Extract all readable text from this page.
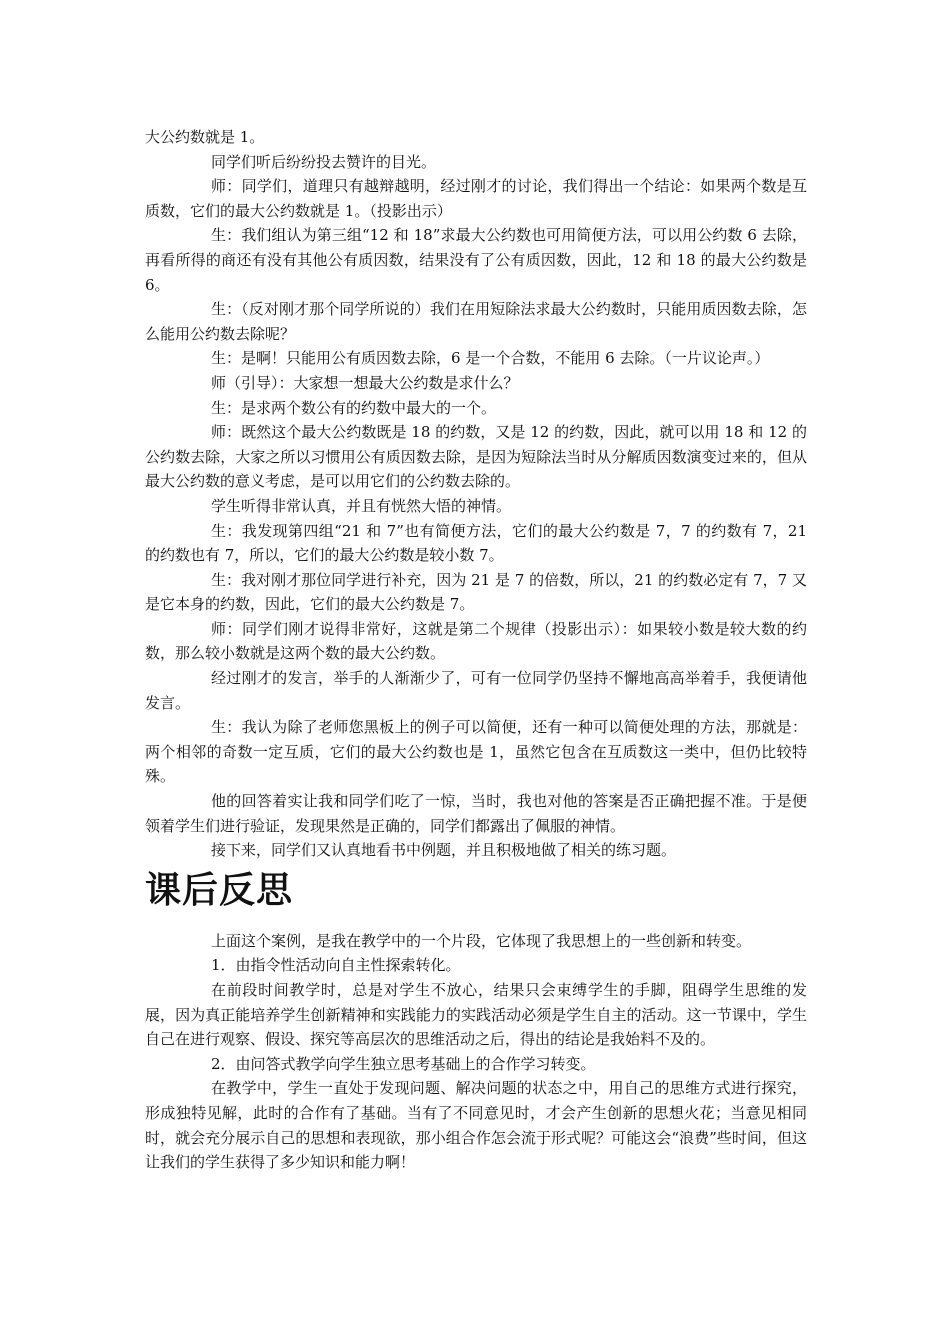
大公约数就是 1。

同学们听后纷纷投去赞许的目光。

师：同学们，道理只有越辩越明，经过刚才的讨论，我们得出一个结论：如果两个数是互质数，它们的最大公约数就是 1。（投影出示）

生：我们组认为第三组“12 和 18”求最大公约数也可用简便方法，可以用公约数 6 去除，再看所得的商还有没有其他公有质因数，结果没有了公有质因数，因此，12 和 18 的最大公约数是 6。

生：（反对刚才那个同学所说的）我们在用短除法求最大公约数时，只能用质因数去除，怎么能用公约数去除呢？

生：是啊！只能用公有质因数去除，6 是一个合数，不能用 6 去除。（一片议论声。）

师（引导）：大家想一想最大公约数是求什么？

生：是求两个数公有的约数中最大的一个。

师：既然这个最大公约数既是 18 的约数，又是 12 的约数，因此，就可以用 18 和 12 的公约数去除，大家之所以习惯用公有质因数去除，是因为短除法当时从分解质因数演变过来的，但从最大公约数的意义考虑，是可以用它们的公约数去除的。

学生听得非常认真，并且有恍然大悟的神情。

生：我发现第四组“21 和 7”也有简便方法，它们的最大公约数是 7，7 的约数有 7，21 的约数也有 7，所以，它们的最大公约数是较小数 7。

生：我对刚才那位同学进行补充，因为 21 是 7 的倍数，所以，21 的约数必定有 7，7 又是它本身的约数，因此，它们的最大公约数是 7。

师：同学们刚才说得非常好，这就是第二个规律（投影出示）：如果较小数是较大数的约数，那么较小数就是这两个数的最大公约数。

经过刚才的发言，举手的人渐渐少了，可有一位同学仍坚持不懈地高高举着手，我便请他发言。

生：我认为除了老师您黑板上的例子可以简便，还有一种可以简便处理的方法，那就是：两个相邻的奇数一定互质，它们的最大公约数也是 1，虽然它包含在互质数这一类中，但仍比较特殊。

他的回答着实让我和同学们吃了一惊，当时，我也对他的答案是否正确把握不准。于是便领着学生们进行验证，发现果然是正确的，同学们都露出了佩服的神情。

接下来，同学们又认真地看书中例题，并且积极地做了相关的练习题。

课后反思

上面这个案例，是我在教学中的一个片段，它体现了我思想上的一些创新和转变。

1．由指令性活动向自主性探索转化。

在前段时间教学时，总是对学生不放心，结果只会束缚学生的手脚，阻碍学生思维的发展，因为真正能培养学生创新精神和实践能力的实践活动必须是学生自主的活动。这一节课中，学生自己在进行观察、假设、探究等高层次的思维活动之后，得出的结论是我始料不及的。

2．由问答式教学向学生独立思考基础上的合作学习转变。

在教学中，学生一直处于发现问题、解决问题的状态之中，用自己的思维方式进行探究，形成独特见解，此时的合作有了基础。当有了不同意见时，才会产生创新的思想火花；当意见相同时，就会充分展示自己的思想和表现欲，那小组合作怎会流于形式呢？可能这会“浪费”些时间，但这让我们的学生获得了多少知识和能力啊！
